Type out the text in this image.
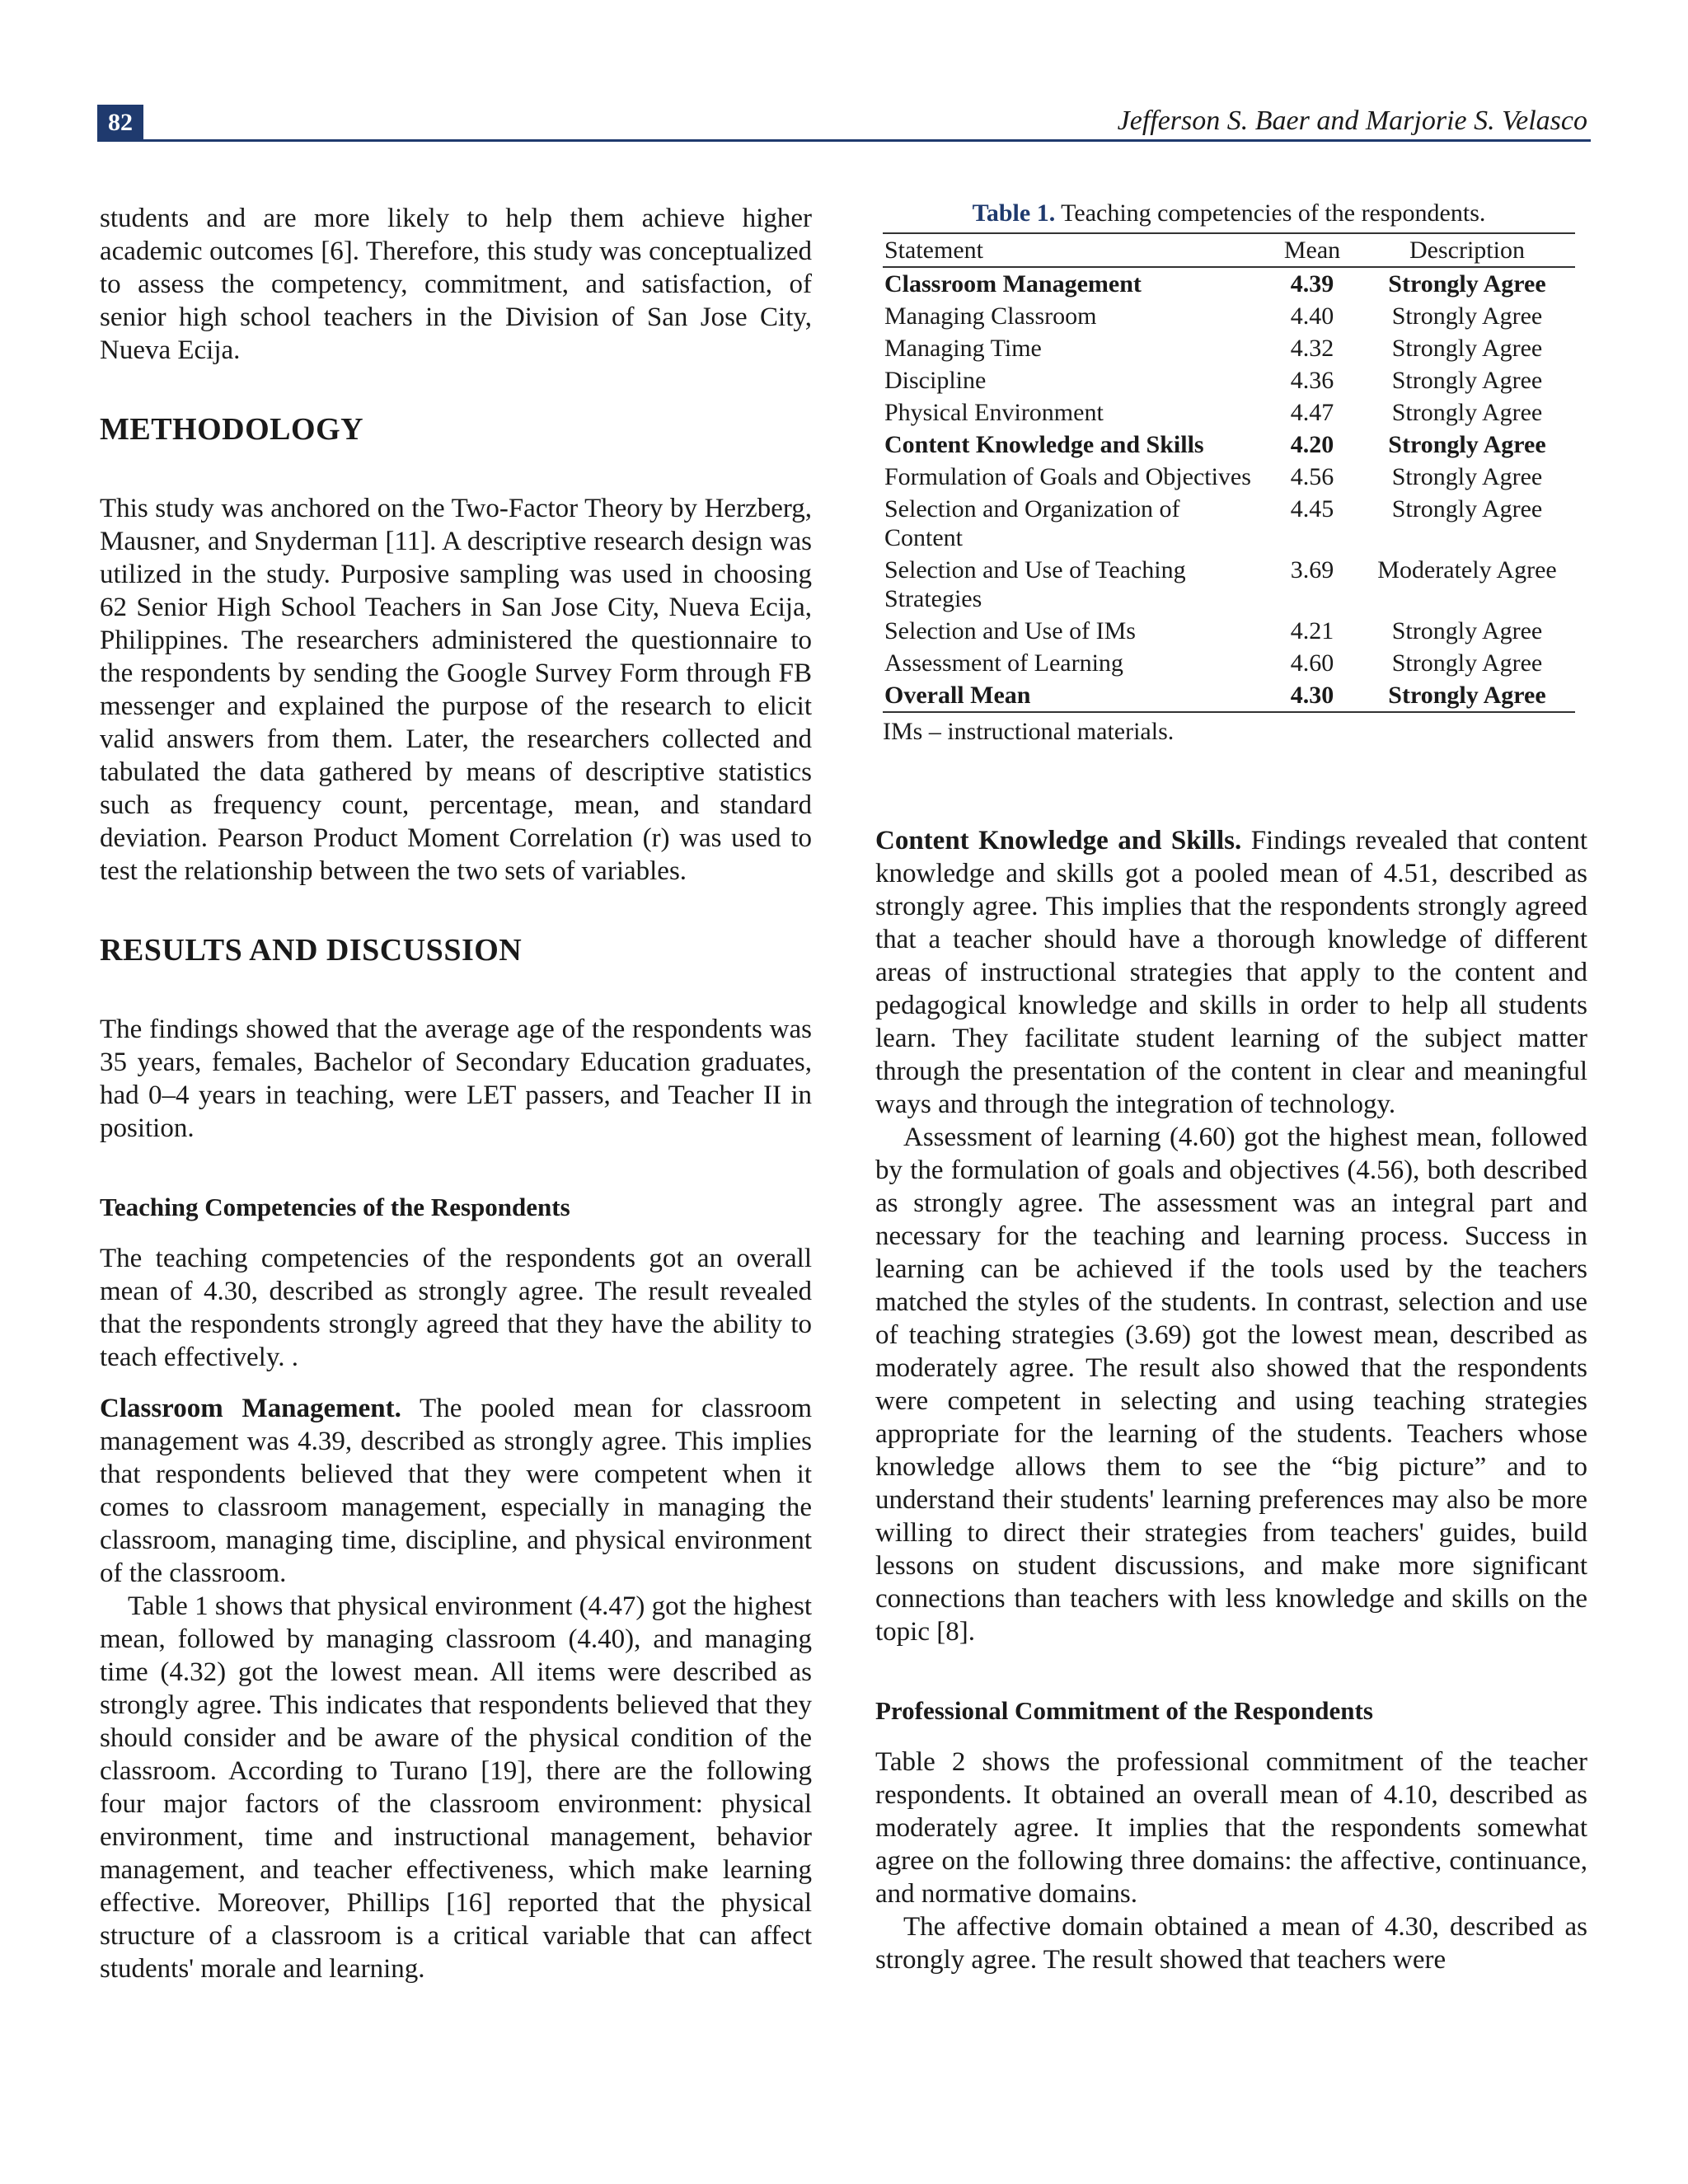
82	Jefferson S. Baer and Marjorie S. Velasco

students and are more likely to help them achieve higher academic outcomes [6]. Therefore, this study was conceptualized to assess the competency, commitment, and satisfaction, of senior high school teachers in the Division of San Jose City, Nueva Ecija.

METHODOLOGY

This study was anchored on the Two-Factor Theory by Herzberg, Mausner, and Snyderman [11]. A descriptive research design was utilized in the study. Purposive sampling was used in choosing 62 Senior High School Teachers in San Jose City, Nueva Ecija, Philippines. The researchers administered the questionnaire to the respondents by sending the Google Survey Form through FB messenger and explained the purpose of the research to elicit valid answers from them. Later, the researchers collected and tabulated the data gathered by means of descriptive statistics such as frequency count, percentage, mean, and standard deviation. Pearson Product Moment Correlation (r) was used to test the relationship between the two sets of variables.

RESULTS AND DISCUSSION

The findings showed that the average age of the respondents was 35 years, females, Bachelor of Secondary Education graduates, had 0–4 years in teaching, were LET passers, and Teacher II in position.

Teaching Competencies of the Respondents

The teaching competencies of the respondents got an overall mean of 4.30, described as strongly agree. The result revealed that the respondents strongly agreed that they have the ability to teach effectively. .

Classroom Management. The pooled mean for classroom management was 4.39, described as strongly agree. This implies that respondents believed that they were competent when it comes to classroom management, especially in managing the classroom, managing time, discipline, and physical environment of the classroom.

Table 1 shows that physical environment (4.47) got the highest mean, followed by managing classroom (4.40), and managing time (4.32) got the lowest mean. All items were described as strongly agree. This indicates that respondents believed that they should consider and be aware of the physical condition of the classroom. According to Turano [19], there are the following four major factors of the classroom environment: physical environment, time and instructional management, behavior management, and teacher effectiveness, which make learning effective. Moreover, Phillips [16] reported that the physical structure of a classroom is a critical variable that can affect students' morale and learning.

Table 1. Teaching competencies of the respondents.
Statement	Mean	Description
Classroom Management	4.39	Strongly Agree
Managing Classroom	4.40	Strongly Agree
Managing Time	4.32	Strongly Agree
Discipline	4.36	Strongly Agree
Physical Environment	4.47	Strongly Agree
Content Knowledge and Skills	4.20	Strongly Agree
Formulation of Goals and Objectives	4.56	Strongly Agree
Selection and Organization of Content	4.45	Strongly Agree
Selection and Use of Teaching Strategies	3.69	Moderately Agree
Selection and Use of IMs	4.21	Strongly Agree
Assessment of Learning	4.60	Strongly Agree
Overall Mean	4.30	Strongly Agree
IMs – instructional materials.

Content Knowledge and Skills. Findings revealed that content knowledge and skills got a pooled mean of 4.51, described as strongly agree. This implies that the respondents strongly agreed that a teacher should have a thorough knowledge of different areas of instructional strategies that apply to the content and pedagogical knowledge and skills in order to help all students learn. They facilitate student learning of the subject matter through the presentation of the content in clear and meaningful ways and through the integration of technology.

Assessment of learning (4.60) got the highest mean, followed by the formulation of goals and objectives (4.56), both described as strongly agree. The assessment was an integral part and necessary for the teaching and learning process. Success in learning can be achieved if the tools used by the teachers matched the styles of the students. In contrast, selection and use of teaching strategies (3.69) got the lowest mean, described as moderately agree. The result also showed that the respondents were competent in selecting and using teaching strategies appropriate for the learning of the students. Teachers whose knowledge allows them to see the “big picture” and to understand their students' learning preferences may also be more willing to direct their strategies from teachers' guides, build lessons on student discussions, and make more significant connections than teachers with less knowledge and skills on the topic [8].

Professional Commitment of the Respondents

Table 2 shows the professional commitment of the teacher respondents. It obtained an overall mean of 4.10, described as moderately agree. It implies that the respondents somewhat agree on the following three domains: the affective, continuance, and normative domains.

The affective domain obtained a mean of 4.30, described as strongly agree. The result showed that teachers were
